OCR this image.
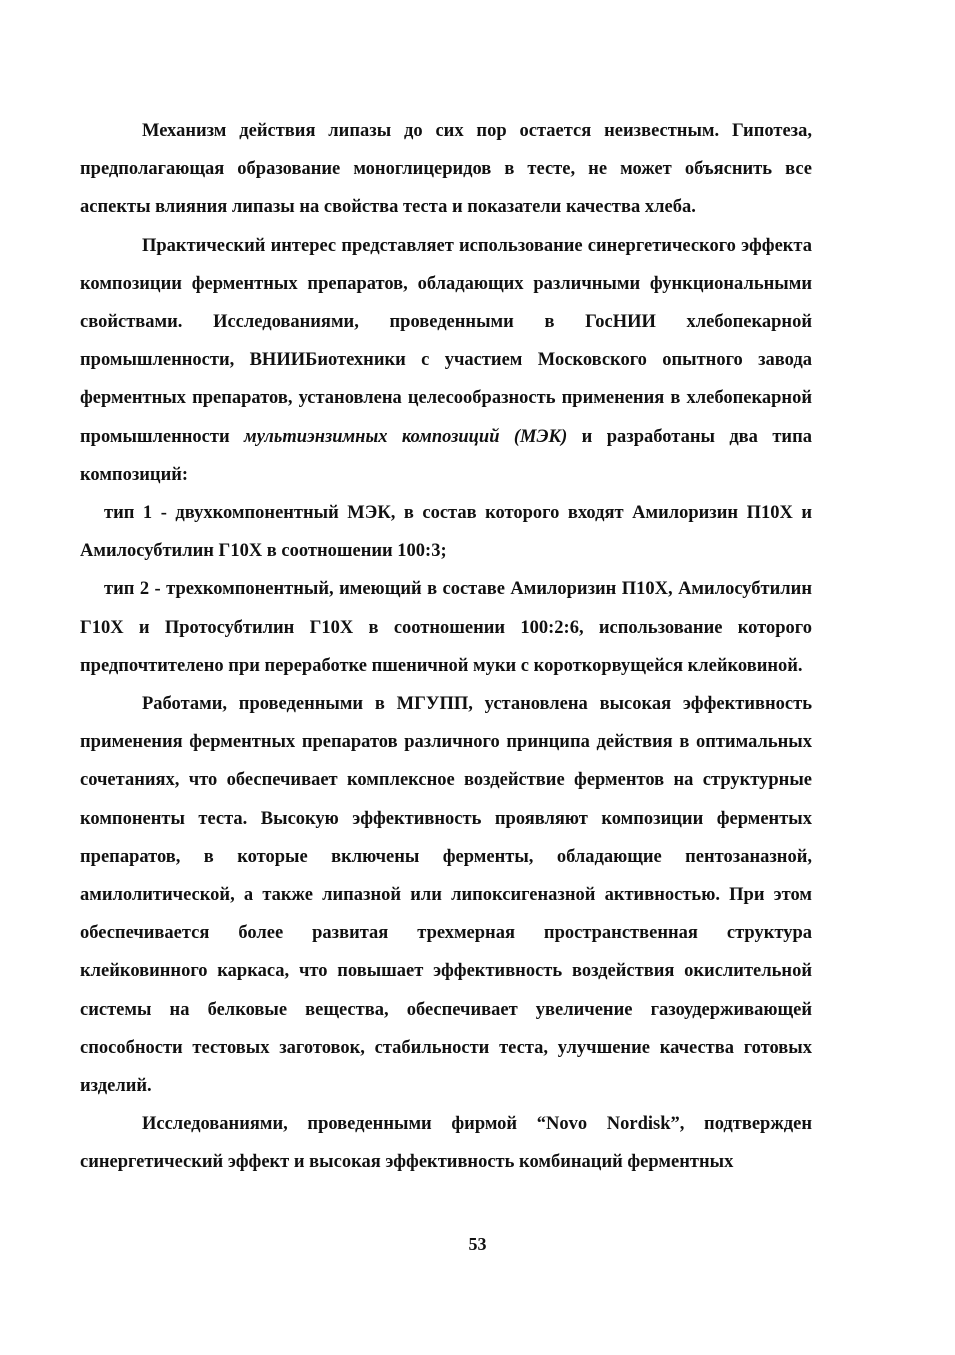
Механизм действия липазы до сих пор остается неизвестным. Гипотеза, предполагающая образование моноглицеридов в тесте, не может объяснить все аспекты влияния липазы на свойства теста и показатели качества хлеба.

Практический интерес представляет использование синергетического эффекта композиции ферментных препаратов, обладающих различными функциональными свойствами. Исследованиями, проведенными в ГосНИИ хлебопекарной промышленности, ВНИИБиотехники с участием Московского опытного завода ферментных препаратов, установлена целесообразность применения в хлебопекарной промышленности мультиэнзимных композиций (МЭК) и разработаны два типа композиций:

тип 1 - двухкомпонентный МЭК, в состав которого входят Амилоризин П10Х и Амилосубтилин Г10Х в соотношении 100:3;

тип 2 - трехкомпонентный, имеющий в составе Амилоризин П10Х, Амилосубтилин Г10Х и Протосубтилин Г10Х в соотношении 100:2:6, использование которого предпочтителено при переработке пшеничной муки с короткорвущейся клейковиной.

Работами, проведенными в МГУПП, установлена высокая эффективность применения ферментных препаратов различного принципа действия в оптимальных сочетаниях, что обеспечивает комплексное воздействие ферментов на структурные компоненты теста. Высокую эффективность проявляют композиции ферментых препаратов, в которые включены ферменты, обладающие пентозаназной, амилолитической, а также липазной или липоксигеназной активностью. При этом обеспечивается более развитая трехмерная пространственная структура клейковинного каркаса, что повышает эффективность воздействия окислительной системы на белковые вещества, обеспечивает увеличение газоудерживающей способности тестовых заготовок, стабильности теста, улучшение качества готовых изделий.

Исследованиями, проведенными фирмой “Novo Nordisk”, подтвержден синергетический эффект и высокая эффективность комбинаций ферментных

53
